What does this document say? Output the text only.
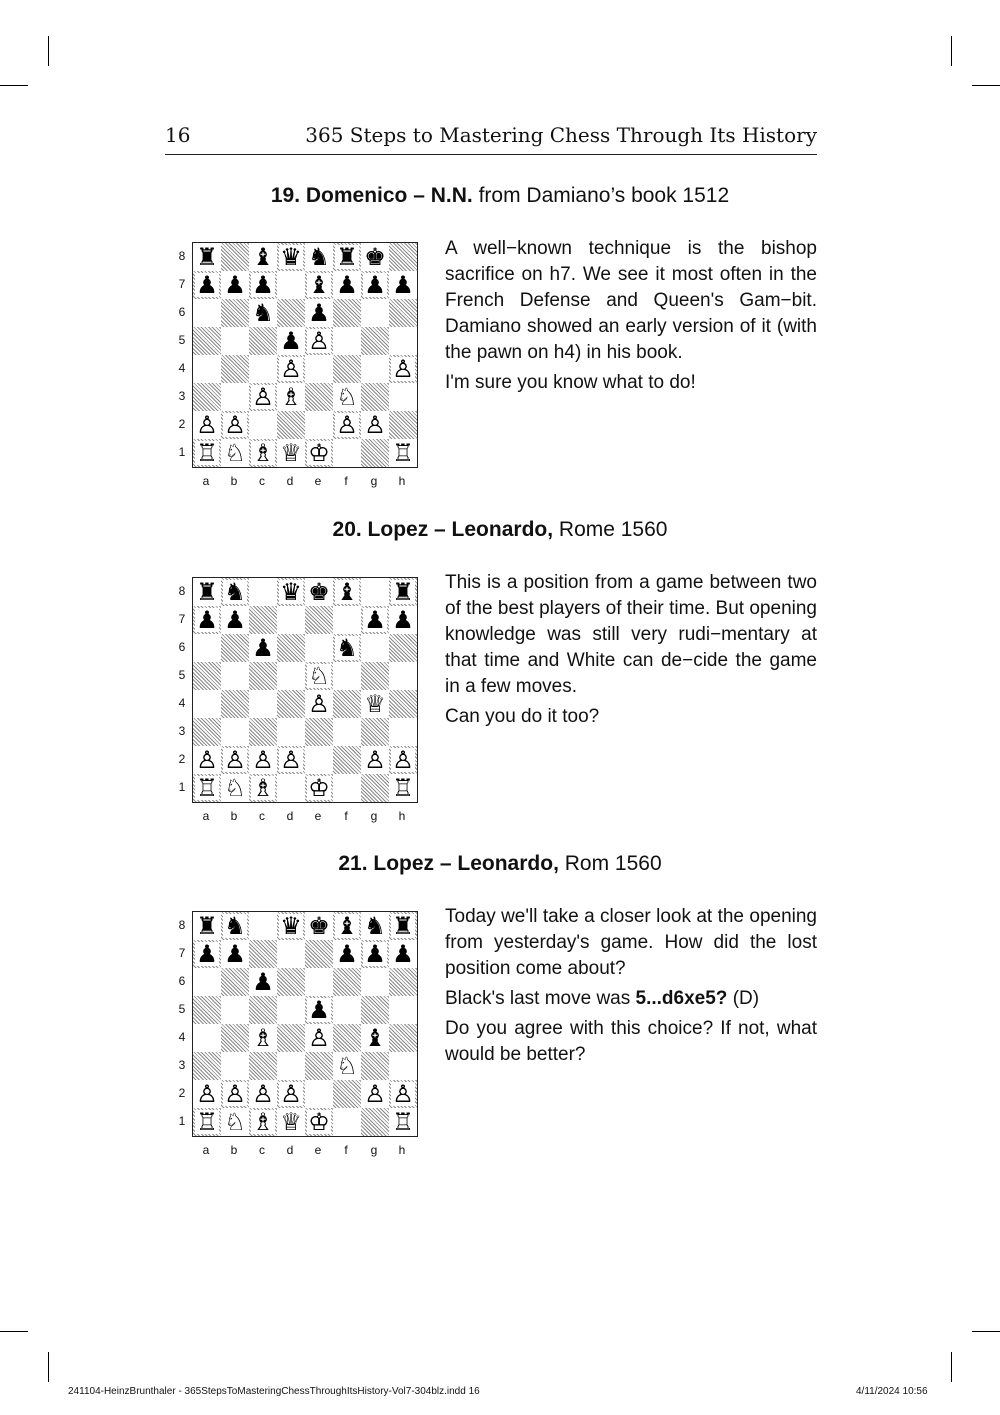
16	365 Steps to Mastering Chess Through Its History
19. Domenico – N.N. from Damiano’s book 1512
♜ ♝ ♛ ♞ ♜ ♚
♟ ♟ ♟ ♝ ♟ ♟ ♟
♞ ♟
♟ ♙
♙	♙
♙ ♗ ♘
♙ ♙	♙ ♙
♖ ♘ ♗ ♕ ♔	♖
8
7
6
5
4
3
2
1
a	b	c	d	e	f	g	h

A well−known technique is the bishop sacrifice on h7. We see it most often in the French Defense and Queen's Gam−bit. Damiano showed an early version of it (with the pawn on h4) in his book.

I'm sure you know what to do!

20. Lopez – Leonardo, Rome 1560
♜ ♞ ♛ ♚ ♝ ♜
♟ ♟	♟ ♟
♟	♞
♘
♙ ♕
♙ ♙ ♙ ♙	♙ ♙
♖ ♘ ♗ ♔	♖
8
7
6
5
4
3
2
1
a	b	c	d	e	f	g	h

This is a position from a game between two of the best players of their time. But opening knowledge was still very rudi−mentary at that time and White can de−cide the game in a few moves.

Can you do it too?

21. Lopez – Leonardo, Rom 1560
♜ ♞ ♛ ♚ ♝ ♞ ♜
♟ ♟	♟ ♟ ♟
♟
♟
♗ ♙ ♝
♘
♙ ♙ ♙ ♙	♙ ♙
♖ ♘ ♗ ♕ ♔	♖
8
7
6
5
4
3
2
1
a	b	c	d	e	f	g	h

Today we'll take a closer look at the opening from yesterday's game. How did the lost position come about?

Black's last move was 5...d6xe5? (D)

Do you agree with this choice? If not, what would be better?

241104-HeinzBrunthaler - 365StepsToMasteringChessThroughItsHistory-Vol7-304blz.indd 16	4/11/2024 10:56
